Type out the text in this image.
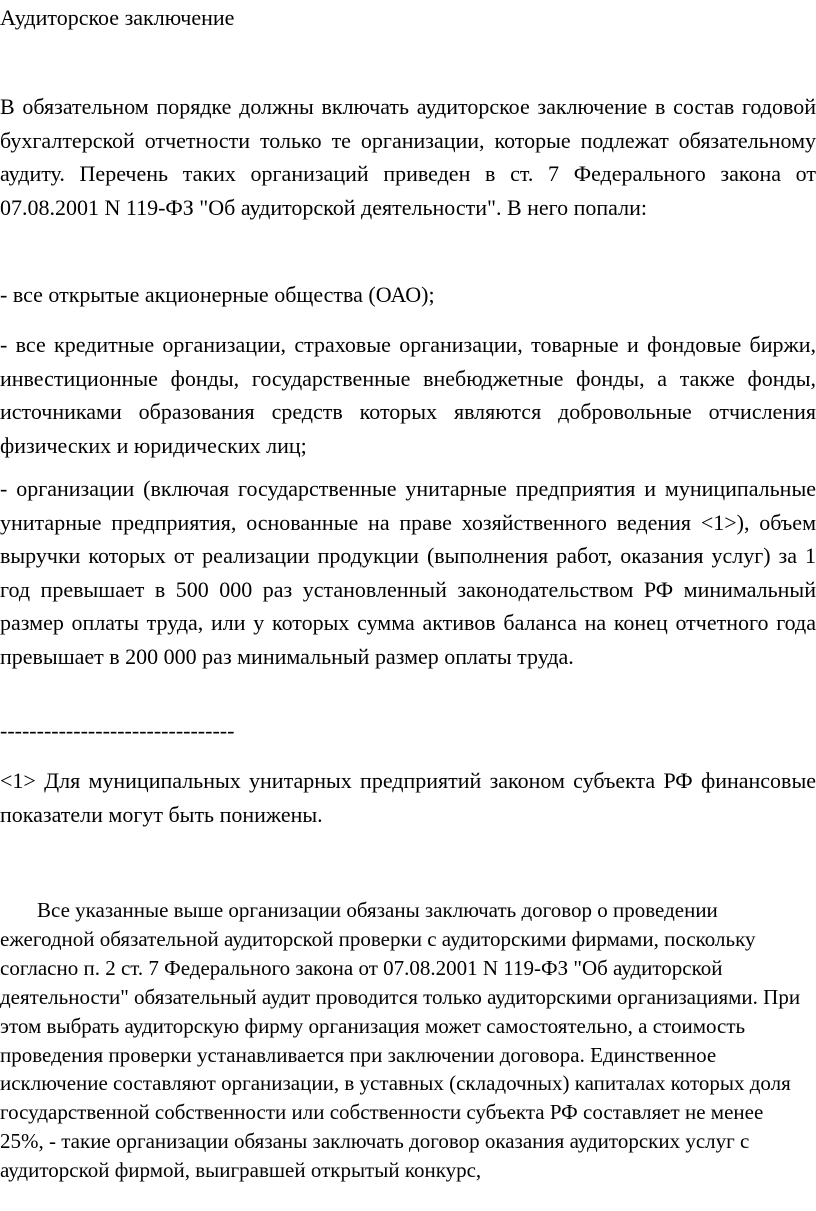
Аудиторское заключение

В обязательном порядке должны включать аудиторское заключение в состав годовой бухгалтерской отчетности только те организации, которые подлежат обязательному аудиту. Перечень таких организаций приведен в ст. 7 Федерального закона от 07.08.2001 N 119-ФЗ "Об аудиторской деятельности". В него попали:

- все открытые акционерные общества (ОАО);

- все кредитные организации, страховые организации, товарные и фондовые биржи, инвестиционные фонды, государственные внебюджетные фонды, а также фонды, источниками образования средств которых являются добровольные отчисления физических и юридических лиц;

- организации (включая государственные унитарные предприятия и муниципальные унитарные предприятия, основанные на праве хозяйственного ведения <1>), объем выручки которых от реализации продукции (выполнения работ, оказания услуг) за 1 год превышает в 500 000 раз установленный законодательством РФ минимальный размер оплаты труда, или у которых сумма активов баланса на конец отчетного года превышает в 200 000 раз минимальный размер оплаты труда.

--------------------------------

<1> Для муниципальных унитарных предприятий законом субъекта РФ финансовые показатели могут быть понижены.

Все указанные выше организации обязаны заключать договор о проведении ежегодной обязательной аудиторской проверки с аудиторскими фирмами, поскольку согласно п. 2 ст. 7 Федерального закона от 07.08.2001 N 119-ФЗ "Об аудиторской деятельности" обязательный аудит проводится только аудиторскими организациями. При этом выбрать аудиторскую фирму организация может самостоятельно, а стоимость проведения проверки устанавливается при заключении договора. Единственное исключение составляют организации, в уставных (складочных) капиталах которых доля государственной собственности или собственности субъекта РФ составляет не менее 25%, - такие организации обязаны заключать договор оказания аудиторских услуг с аудиторской фирмой, выигравшей открытый конкурс,
